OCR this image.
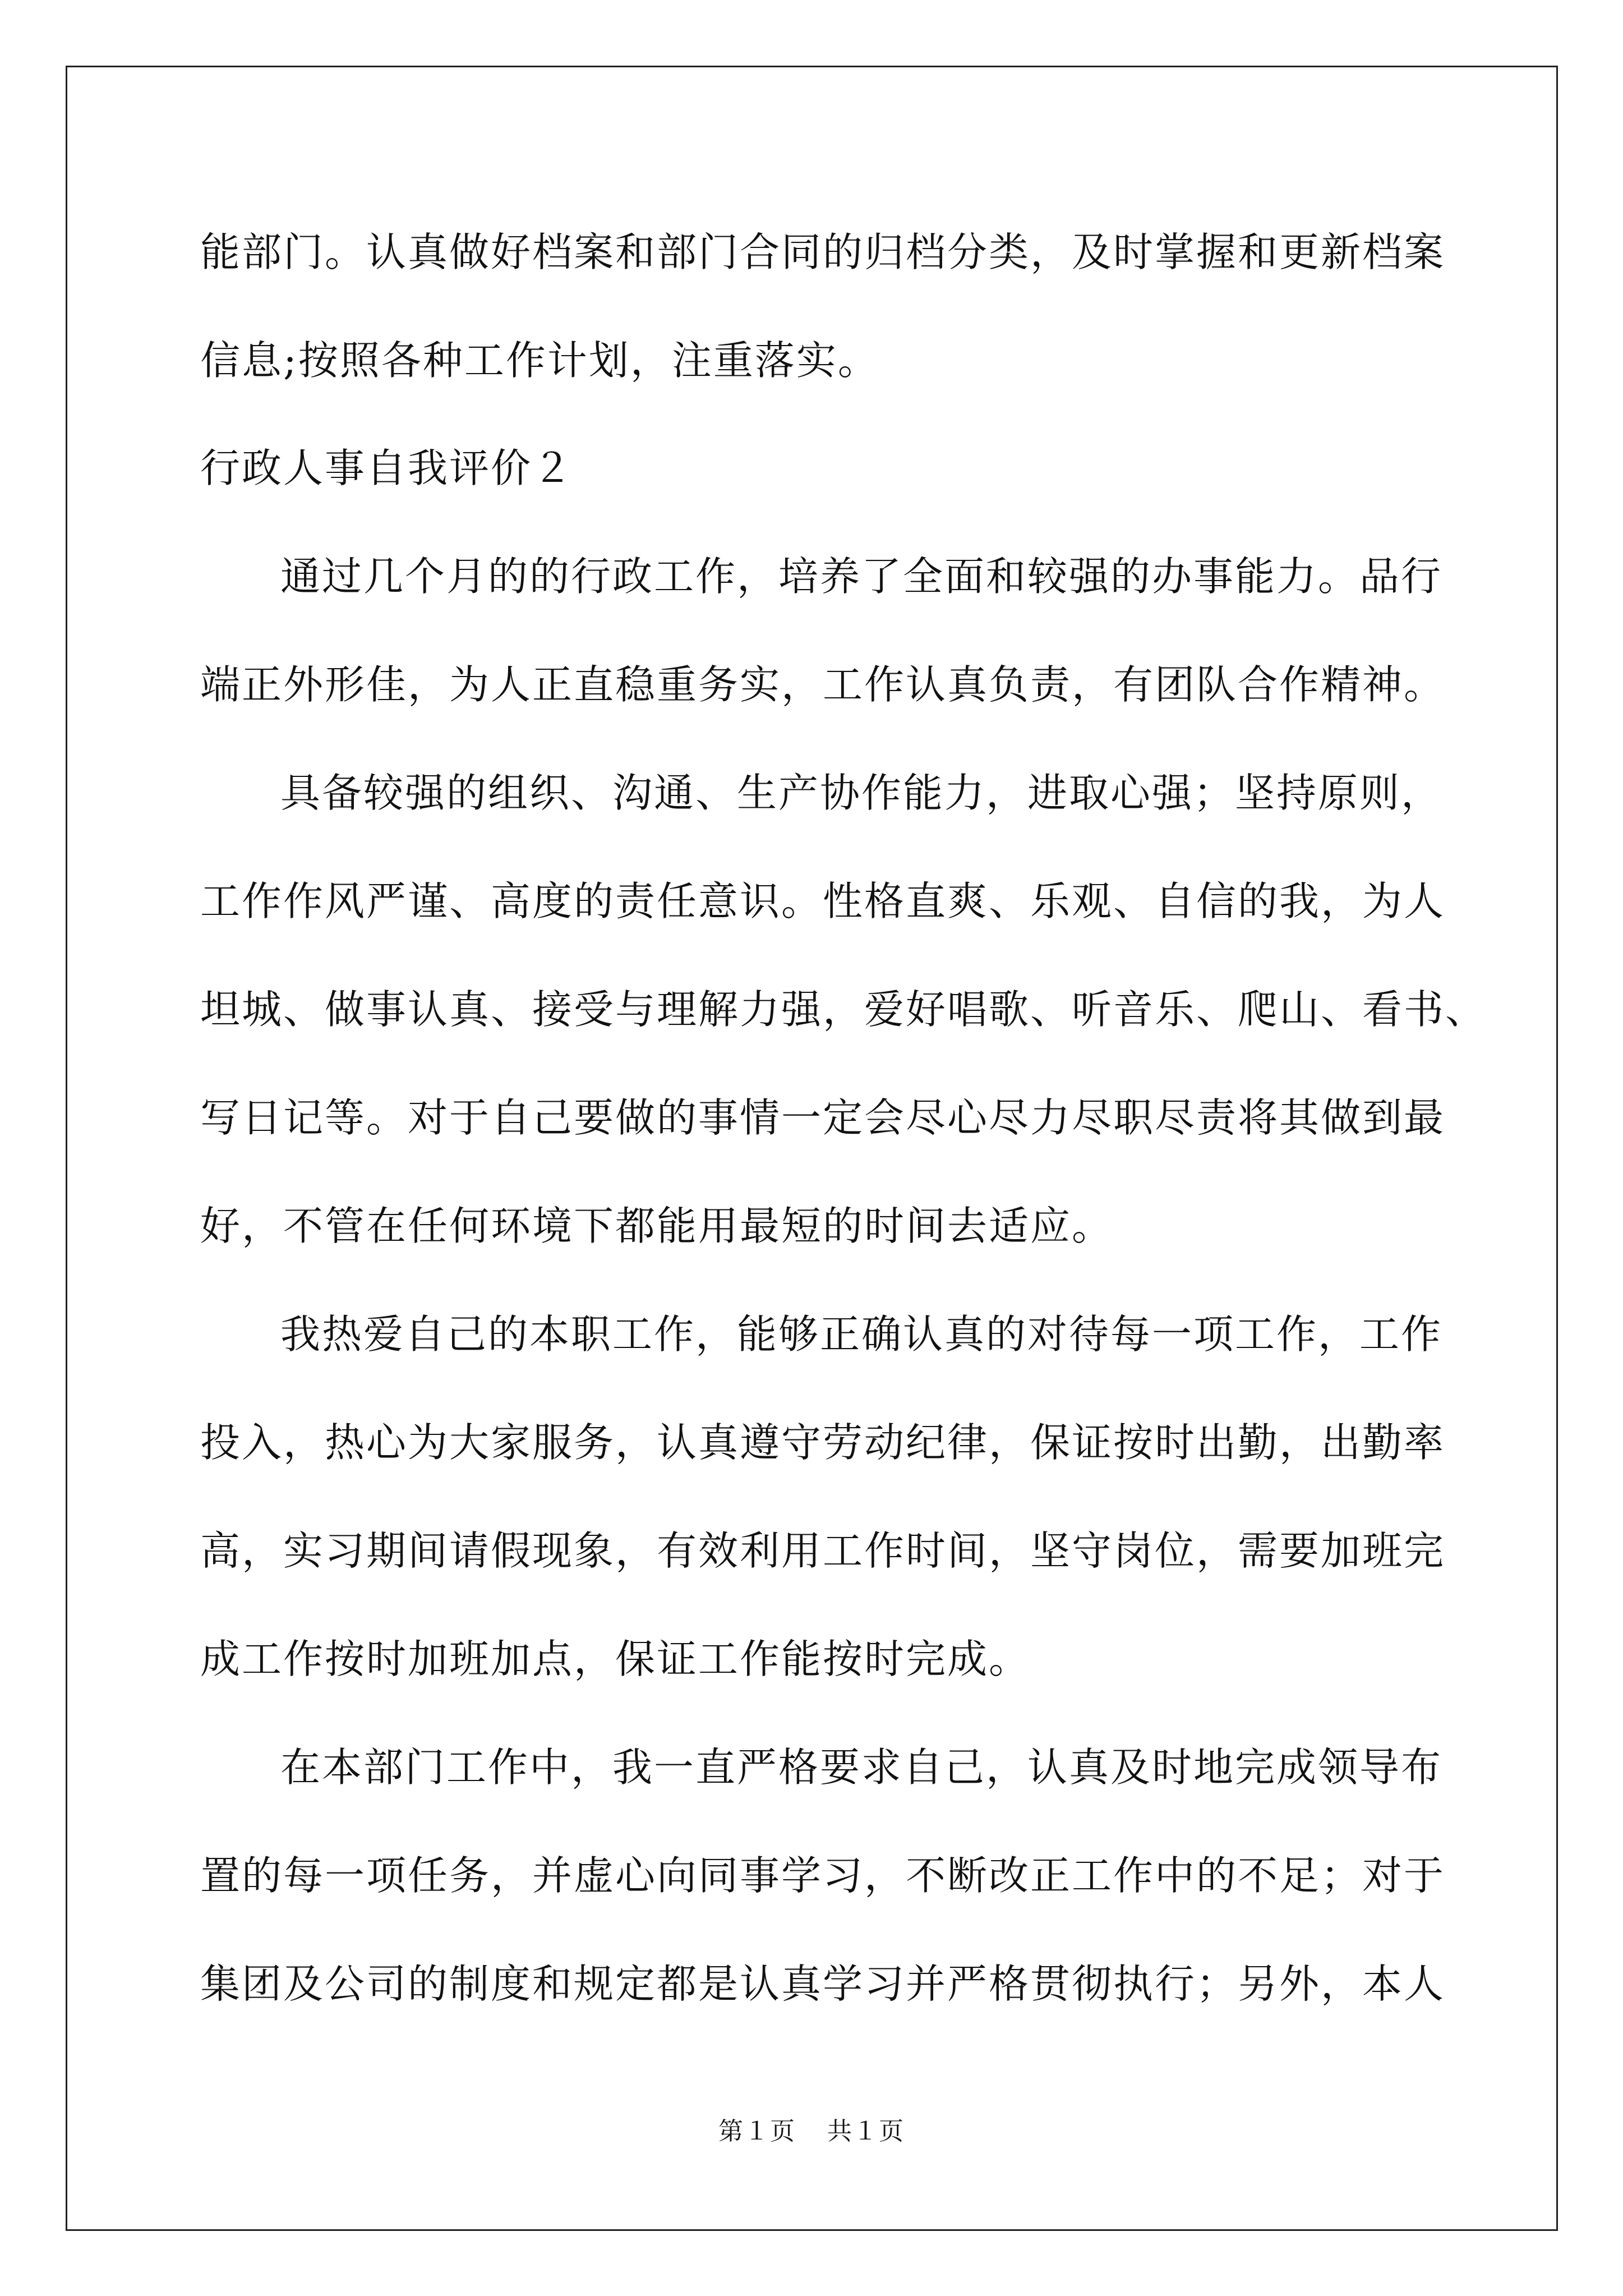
能部门。认真做好档案和部门合同的归档分类，及时掌握和更新档案
信息;按照各种工作计划，注重落实。
行政人事自我评价２
通过几个月的的行政工作，培养了全面和较强的办事能力。品行
端正外形佳，为人正直稳重务实，工作认真负责，有团队合作精神。
具备较强的组织、沟通、生产协作能力，进取心强；坚持原则，
工作作风严谨、高度的责任意识。性格直爽、乐观、自信的我，为人
坦城、做事认真、接受与理解力强，爱好唱歌、听音乐、爬山、看书、
写日记等。对于自己要做的事情一定会尽心尽力尽职尽责将其做到最
好，不管在任何环境下都能用最短的时间去适应。
我热爱自己的本职工作，能够正确认真的对待每一项工作，工作
投入，热心为大家服务，认真遵守劳动纪律，保证按时出勤，出勤率
高，实习期间请假现象，有效利用工作时间，坚守岗位，需要加班完
成工作按时加班加点，保证工作能按时完成。
在本部门工作中，我一直严格要求自己，认真及时地完成领导布
置的每一项任务，并虚心向同事学习，不断改正工作中的不足；对于
集团及公司的制度和规定都是认真学习并严格贯彻执行；另外，本人
第１页 共１页
